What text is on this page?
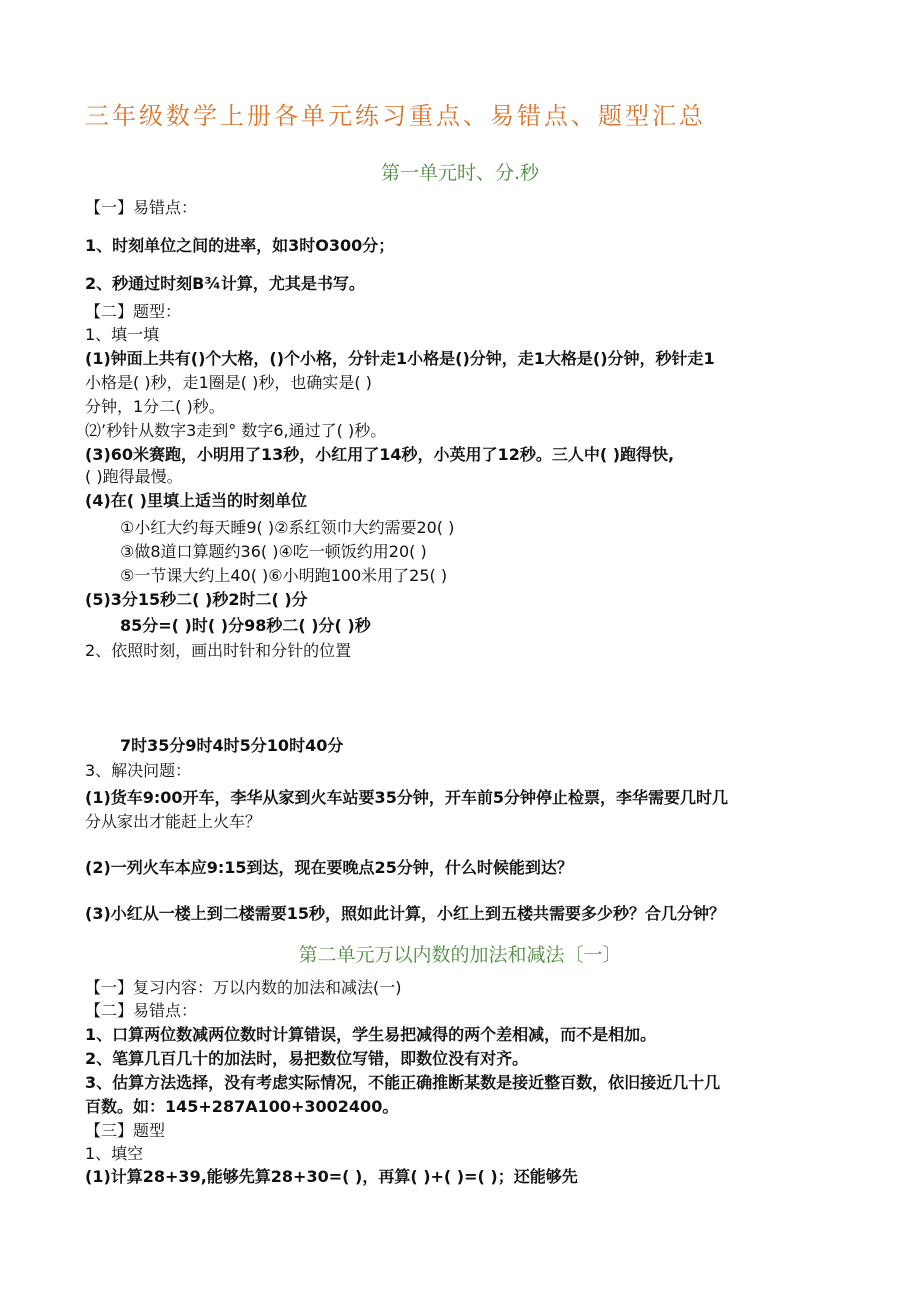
三年级数学上册各单元练习重点、易错点、题型汇总
第一单元时、分.秒
【一】易错点：
1、时刻单位之间的进率，如3时O300分；
2、秒通过时刻B¾计算，尤其是书写。
【二】题型：
1、填一填
(1)钟面上共有()个大格，()个小格，分针走1小格是()分钟，走1大格是()分钟，秒针走1
小格是( )秒，走1圈是( )秒，也确实是( )
分钟，1分二( )秒。
⑵’秒针从数字3走到° 数字6,通过了( )秒。
(3)60米赛跑，小明用了13秒，小红用了14秒，小英用了12秒。三人中( )跑得快,
( )跑得最慢。
(4)在( )里填上适当的时刻单位
①小红大约每天睡9( )②系红领巾大约需要20( )
③做8道口算题约36( )④吃一顿饭约用20( )
⑤一节课大约上40( )⑥小明跑100米用了25( )
(5)3分15秒二( )秒2时二( )分
85分=( )时( )分98秒二( )分( )秒
2、依照时刻，画出时针和分针的位置
7时35分9时4时5分10时40分
3、解决问题：
(1)货车9:00开车，李华从家到火车站要35分钟，开车前5分钟停止检票，李华需要几时几
分从家出才能赶上火车？
(2)一列火车本应9:15到达，现在要晚点25分钟，什么时候能到达？
(3)小红从一楼上到二楼需要15秒，照如此计算，小红上到五楼共需要多少秒？合几分钟？
第二单元万以内数的加法和减法〔一〕
【一】复习内容：万以内数的加法和减法(一)
【二】易错点：
1、口算两位数减两位数时计算错误，学生易把减得的两个差相减，而不是相加。
2、笔算几百几十的加法时，易把数位写错，即数位没有对齐。
3、估算方法选择，没有考虑实际情况，不能正确推断某数是接近整百数，依旧接近几十几
百数。如：145+287A100+3002400。
【三】题型
1、填空
(1)计算28+39,能够先算28+30=( )，再算( )+( )=( )；还能够先
